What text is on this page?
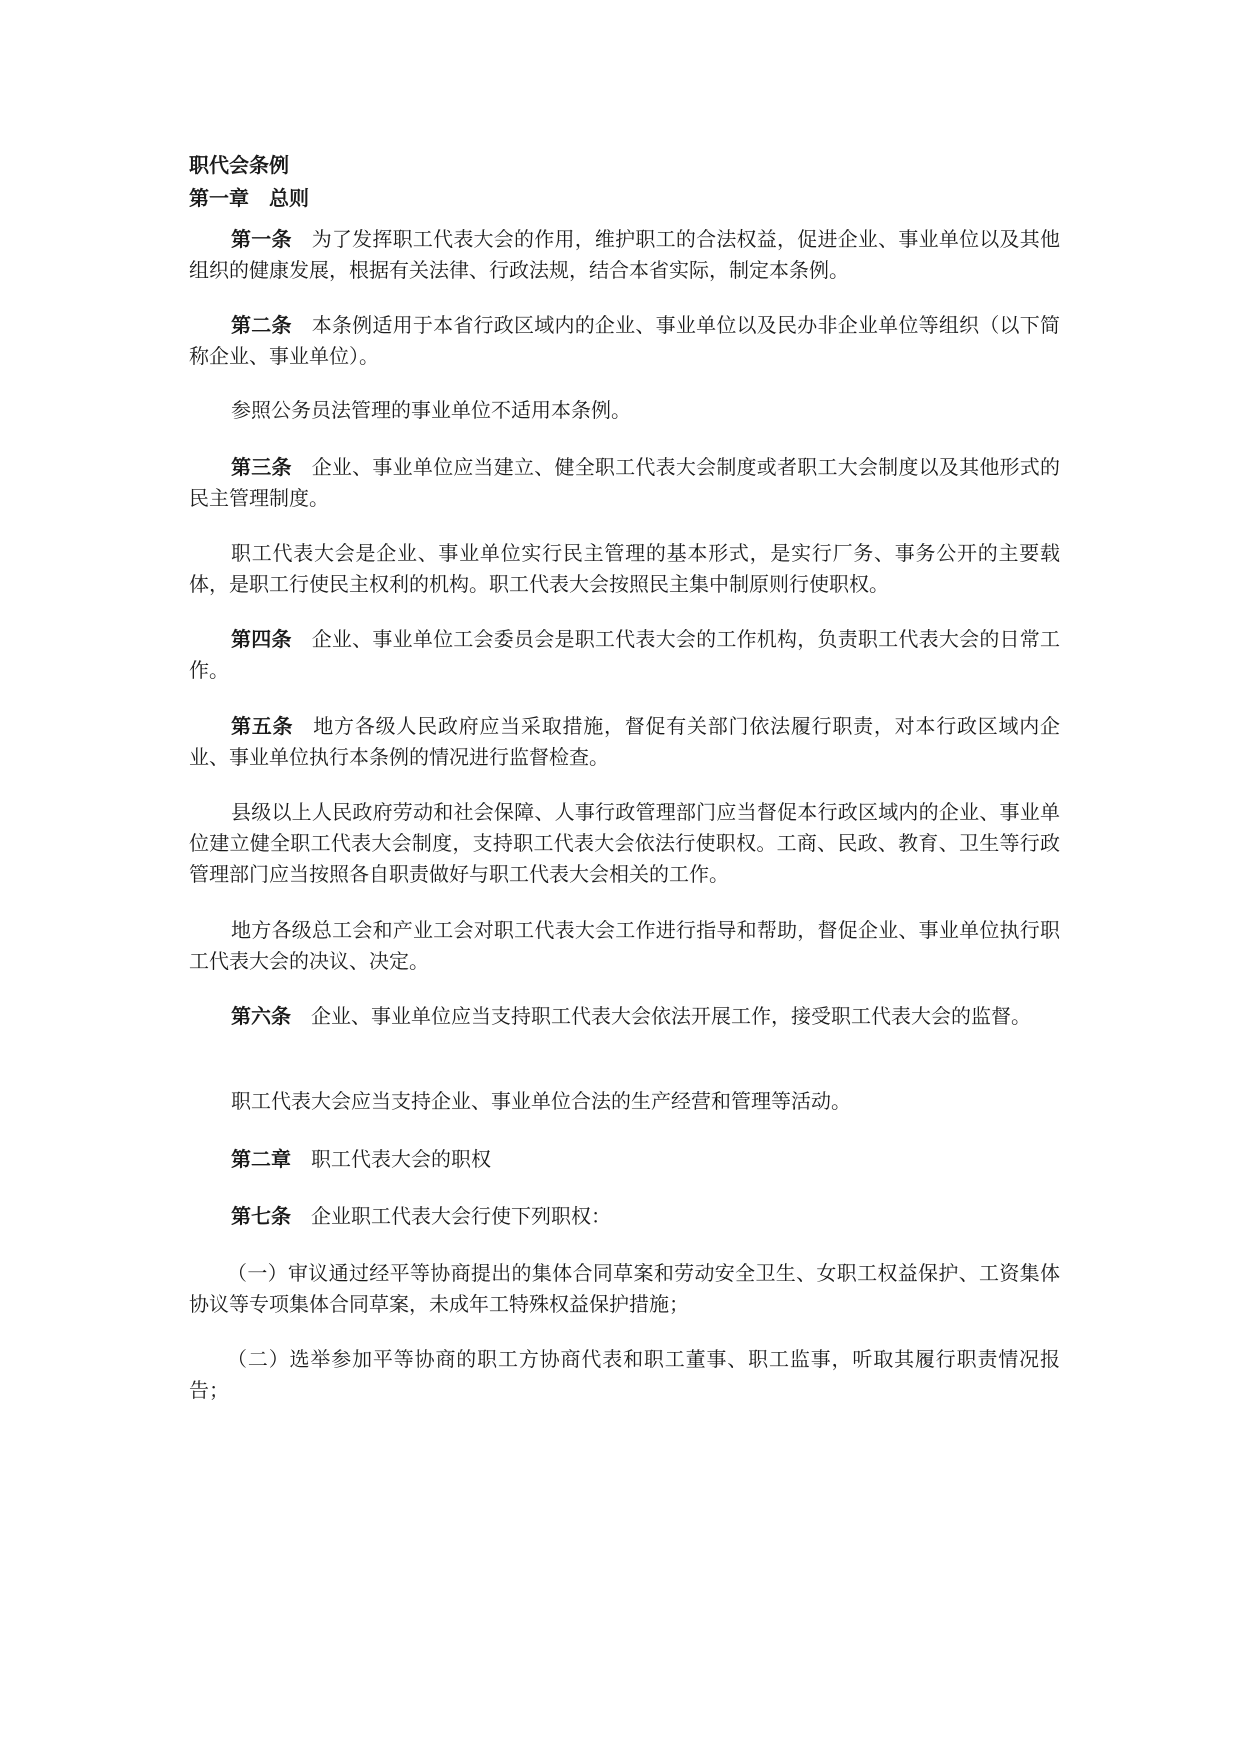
职代会条例
第一章 总则

第一条 为了发挥职工代表大会的作用，维护职工的合法权益，促进企业、事业单位以及其他组织的健康发展，根据有关法律、行政法规，结合本省实际，制定本条例。

第二条 本条例适用于本省行政区域内的企业、事业单位以及民办非企业单位等组织（以下简称企业、事业单位）。

参照公务员法管理的事业单位不适用本条例。

第三条 企业、事业单位应当建立、健全职工代表大会制度或者职工大会制度以及其他形式的民主管理制度。

职工代表大会是企业、事业单位实行民主管理的基本形式，是实行厂务、事务公开的主要载体，是职工行使民主权利的机构。职工代表大会按照民主集中制原则行使职权。

第四条 企业、事业单位工会委员会是职工代表大会的工作机构，负责职工代表大会的日常工作。

第五条 地方各级人民政府应当采取措施，督促有关部门依法履行职责，对本行政区域内企业、事业单位执行本条例的情况进行监督检查。

县级以上人民政府劳动和社会保障、人事行政管理部门应当督促本行政区域内的企业、事业单位建立健全职工代表大会制度，支持职工代表大会依法行使职权。工商、民政、教育、卫生等行政管理部门应当按照各自职责做好与职工代表大会相关的工作。

地方各级总工会和产业工会对职工代表大会工作进行指导和帮助，督促企业、事业单位执行职工代表大会的决议、决定。

第六条 企业、事业单位应当支持职工代表大会依法开展工作，接受职工代表大会的监督。

职工代表大会应当支持企业、事业单位合法的生产经营和管理等活动。

第二章 职工代表大会的职权

第七条 企业职工代表大会行使下列职权：

（一）审议通过经平等协商提出的集体合同草案和劳动安全卫生、女职工权益保护、工资集体协议等专项集体合同草案，未成年工特殊权益保护措施；

（二）选举参加平等协商的职工方协商代表和职工董事、职工监事，听取其履行职责情况报告；
